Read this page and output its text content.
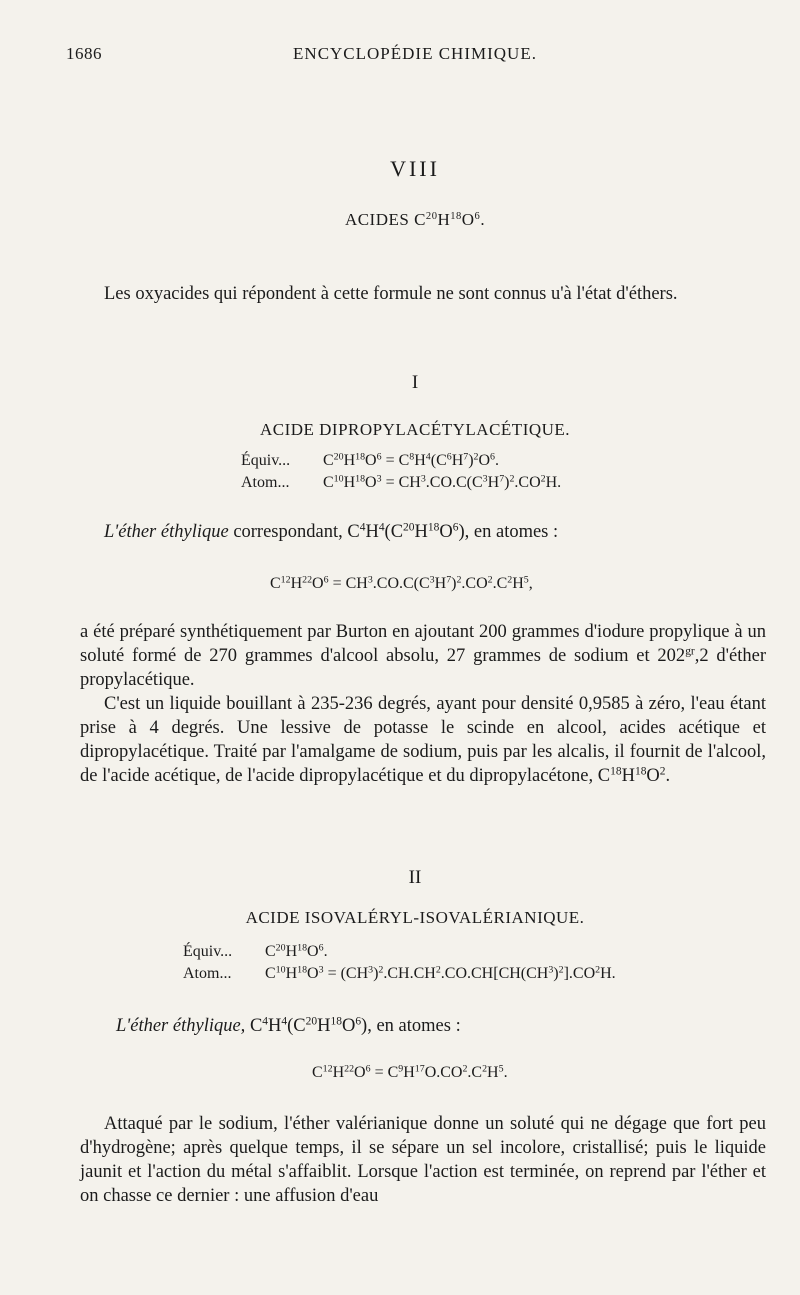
1686	ENCYCLOPÉDIE CHIMIQUE.
VIII
ACIDES $C^{20}H^{18}O^6$.
Les oxyacides qui répondent à cette formule ne sont connus u'à l'état d'éthers.
I
ACIDE DIPROPYLACÉTYLACÉTIQUE.
Équiv... $C^{20}H^{18}O^6 = C^8H^4(C^6H^7)^2O^6$.
Atom... $C^{10}H^{18}O^3 = CH^3.CO.C(C^3H^7)^2.CO^2H$.
L'éther éthylique correspondant, $C^4H^4(C^{20}H^{18}O^6)$, en atomes :
$C^{12}H^{22}O^6 = CH^3.CO.C(C^3H^7)^2.CO^2.C^2H^5$,
a été préparé synthétiquement par Burton en ajoutant 200 grammes d'iodure propylique à un soluté formé de 270 grammes d'alcool absolu, 27 grammes de sodium et $202^{gr},2$ d'éther propylacétique.
C'est un liquide bouillant à 235-236 degrés, ayant pour densité 0,9585 à zéro, l'eau étant prise à 4 degrés. Une lessive de potasse le scinde en alcool, acides acétique et dipropylacétique. Traité par l'amalgame de sodium, puis par les alcalis, il fournit de l'alcool, de l'acide acétique, de l'acide dipropylacétique et du dipropylacétone, $C^{18}H^{18}O^2$.
II
ACIDE ISOVALÉRYL-ISOVALÉRIANIQUE.
Équiv... $C^{20}H^{18}O^6$.
Atom... $C^{10}H^{18}O^3 = (CH^3)^2.CH.CH^2.CO.CH[CH(CH^3)^2].CO^2H$.
L'éther éthylique, $C^4H^4(C^{20}H^{18}O^6)$, en atomes :
$C^{12}H^{22}O^6 = C^9H^{17}O.CO^2.C^2H^5$.
Attaqué par le sodium, l'éther valérianique donne un soluté qui ne dégage que fort peu d'hydrogène; après quelque temps, il se sépare un sel incolore, cristallisé; puis le liquide jaunit et l'action du métal s'affaiblit. Lorsque l'action est terminée, on reprend par l'éther et on chasse ce dernier : une affusion d'eau
